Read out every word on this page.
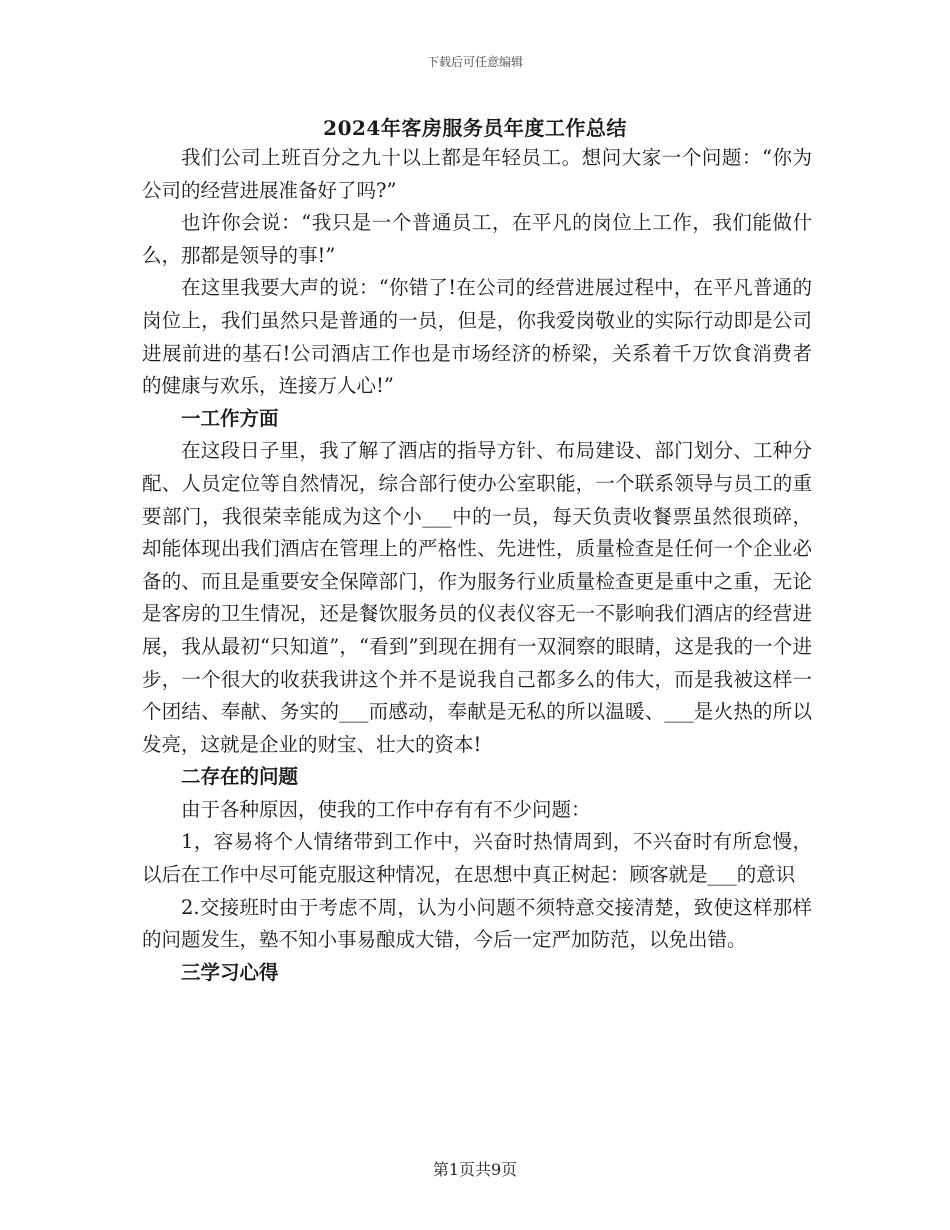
下载后可任意编辑
2024年客房服务员年度工作总结

我们公司上班百分之九十以上都是年轻员工。想问大家一个问题：“你为公司的经营进展准备好了吗?”

也许你会说：“我只是一个普通员工，在平凡的岗位上工作，我们能做什么，那都是领导的事!”

在这里我要大声的说：“你错了!在公司的经营进展过程中，在平凡普通的岗位上，我们虽然只是普通的一员，但是，你我爱岗敬业的实际行动即是公司进展前进的基石!公司酒店工作也是市场经济的桥梁，关系着千万饮食消费者的健康与欢乐，连接万人心!”

一工作方面

在这段日子里，我了解了酒店的指导方针、布局建设、部门划分、工种分配、人员定位等自然情况，综合部行使办公室职能，一个联系领导与员工的重要部门，我很荣幸能成为这个小___中的一员，每天负责收餐票虽然很琐碎，却能体现出我们酒店在管理上的严格性、先进性，质量检查是任何一个企业必备的、而且是重要安全保障部门，作为服务行业质量检查更是重中之重，无论是客房的卫生情况，还是餐饮服务员的仪表仪容无一不影响我们酒店的经营进展，我从最初“只知道”，“看到”到现在拥有一双洞察的眼睛，这是我的一个进步，一个很大的收获我讲这个并不是说我自己都多么的伟大，而是我被这样一个团结、奉献、务实的___而感动，奉献是无私的所以温暖、___是火热的所以发亮，这就是企业的财宝、壮大的资本!

二存在的问题

由于各种原因，使我的工作中存有有不少问题：

1，容易将个人情绪带到工作中，兴奋时热情周到，不兴奋时有所怠慢，以后在工作中尽可能克服这种情况，在思想中真正树起：顾客就是___的意识

2.交接班时由于考虑不周，认为小问题不须特意交接清楚，致使这样那样的问题发生，塾不知小事易酿成大错，今后一定严加防范，以免出错。

三学习心得

第1页共9页
